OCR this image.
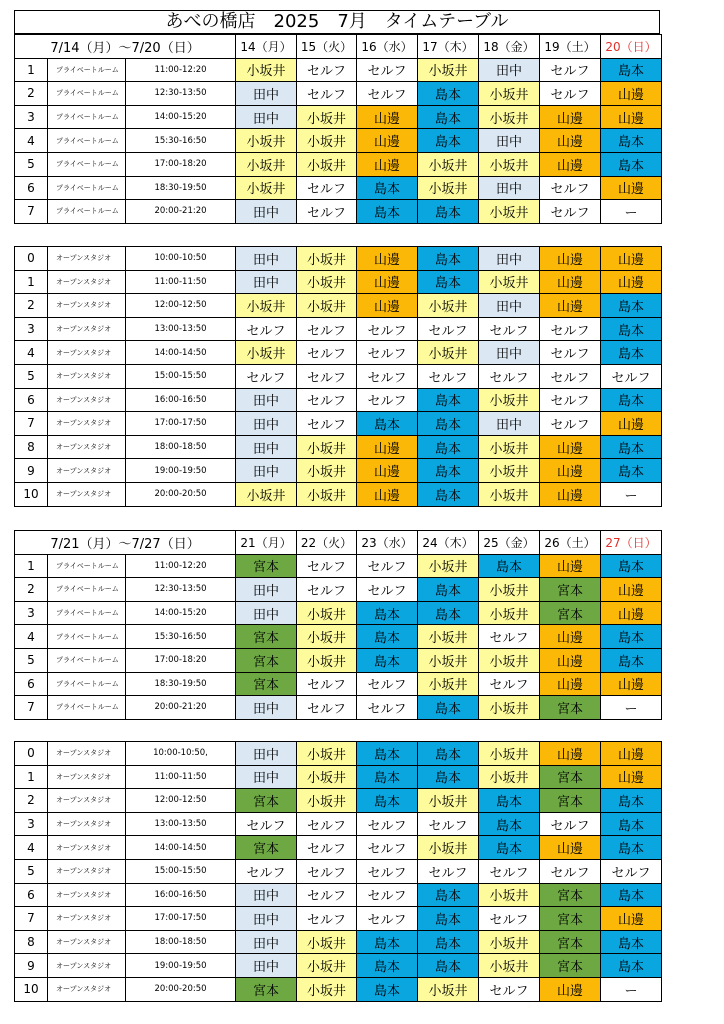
あべの橋店　2025　7月　タイムテーブル
7/14（月）～7/20（日）			14（月）	15（火）	16（水）	17（木）	18（金）	19（土）	20（日）
1	プライベートルーム	11:00-12:20	小坂井	セルフ	セルフ	小坂井	田中	セルフ	島本
2	プライベートルーム	12:30-13:50	田中	セルフ	セルフ	島本	小坂井	セルフ	山邊
3	プライベートルーム	14:00-15:20	田中	小坂井	山邊	島本	小坂井	山邊	山邊
4	プライベートルーム	15:30-16:50	小坂井	小坂井	山邊	島本	田中	山邊	島本
5	プライベートルーム	17:00-18:20	小坂井	小坂井	山邊	小坂井	小坂井	山邊	島本
6	プライベートルーム	18:30-19:50	小坂井	セルフ	島本	小坂井	田中	セルフ	山邊
7	プライベートルーム	20:00-21:20	田中	セルフ	島本	島本	小坂井	セルフ	ー
0	オープンスタジオ	10:00-10:50	田中	小坂井	山邊	島本	田中	山邊	山邊
1	オープンスタジオ	11:00-11:50	田中	小坂井	山邊	島本	小坂井	山邊	山邊
2	オープンスタジオ	12:00-12:50	小坂井	小坂井	山邊	小坂井	田中	山邊	島本
3	オープンスタジオ	13:00-13:50	セルフ	セルフ	セルフ	セルフ	セルフ	セルフ	島本
4	オープンスタジオ	14:00-14:50	小坂井	セルフ	セルフ	小坂井	田中	セルフ	島本
5	オープンスタジオ	15:00-15:50	セルフ	セルフ	セルフ	セルフ	セルフ	セルフ	セルフ
6	オープンスタジオ	16:00-16:50	田中	セルフ	セルフ	島本	小坂井	セルフ	島本
7	オープンスタジオ	17:00-17:50	田中	セルフ	島本	島本	田中	セルフ	山邊
8	オープンスタジオ	18:00-18:50	田中	小坂井	山邊	島本	小坂井	山邊	島本
9	オープンスタジオ	19:00-19:50	田中	小坂井	山邊	島本	小坂井	山邊	島本
10	オープンスタジオ	20:00-20:50	小坂井	小坂井	山邊	島本	小坂井	山邊	ー
7/21（月）～7/27（日）			21（月）	22（火）	23（水）	24（木）	25（金）	26（土）	27（日）
1	プライベートルーム	11:00-12:20	宮本	セルフ	セルフ	小坂井	島本	山邊	島本
2	プライベートルーム	12:30-13:50	田中	セルフ	セルフ	島本	小坂井	宮本	山邊
3	プライベートルーム	14:00-15:20	田中	小坂井	島本	島本	小坂井	宮本	山邊
4	プライベートルーム	15:30-16:50	宮本	小坂井	島本	小坂井	セルフ	山邊	島本
5	プライベートルーム	17:00-18:20	宮本	小坂井	島本	小坂井	小坂井	山邊	島本
6	プライベートルーム	18:30-19:50	宮本	セルフ	セルフ	小坂井	セルフ	山邊	山邊
7	プライベートルーム	20:00-21:20	田中	セルフ	セルフ	島本	小坂井	宮本	ー
0	オープンスタジオ	10:00-10:50,	田中	小坂井	島本	島本	小坂井	山邊	山邊
1	オープンスタジオ	11:00-11:50	田中	小坂井	島本	島本	小坂井	宮本	山邊
2	オープンスタジオ	12:00-12:50	宮本	小坂井	島本	小坂井	島本	宮本	島本
3	オープンスタジオ	13:00-13:50	セルフ	セルフ	セルフ	セルフ	島本	セルフ	島本
4	オープンスタジオ	14:00-14:50	宮本	セルフ	セルフ	小坂井	島本	山邊	島本
5	オープンスタジオ	15:00-15:50	セルフ	セルフ	セルフ	セルフ	セルフ	セルフ	セルフ
6	オープンスタジオ	16:00-16:50	田中	セルフ	セルフ	島本	小坂井	宮本	島本
7	オープンスタジオ	17:00-17:50	田中	セルフ	セルフ	島本	セルフ	宮本	山邊
8	オープンスタジオ	18:00-18:50	田中	小坂井	島本	島本	小坂井	宮本	島本
9	オープンスタジオ	19:00-19:50	田中	小坂井	島本	島本	小坂井	宮本	島本
10	オープンスタジオ	20:00-20:50	宮本	小坂井	島本	小坂井	セルフ	山邊	ー
